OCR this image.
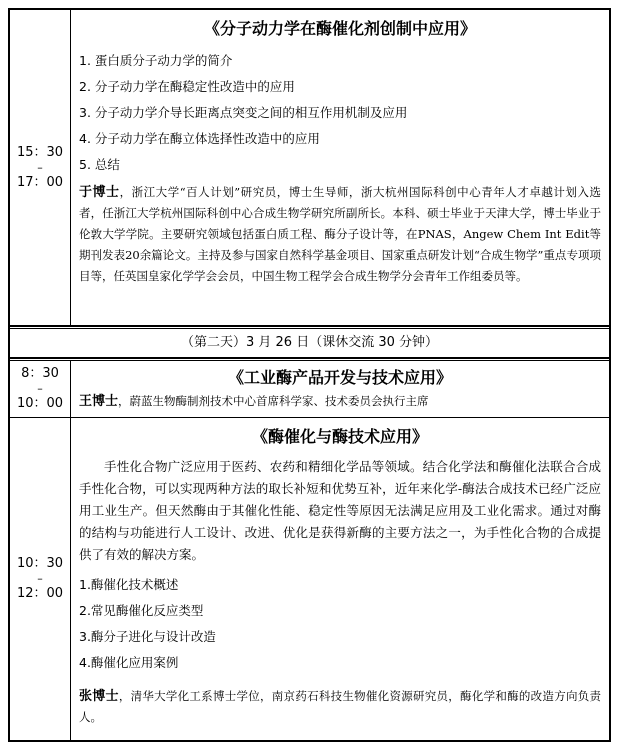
15：30
–
17：00
《分子动力学在酶催化剂创制中应用》
1. 蛋白质分子动力学的简介
2. 分子动力学在酶稳定性改造中的应用
3. 分子动力学介导长距离点突变之间的相互作用机制及应用
4. 分子动力学在酶立体选择性改造中的应用
5. 总结
于博士，浙江大学“百人计划”研究员，博士生导师，浙大杭州国际科创中心青年人才卓越计划入选者，任浙江大学杭州国际科创中心合成生物学研究所副所长。本科、硕士毕业于天津大学，博士毕业于伦敦大学学院。主要研究领域包括蛋白质工程、酶分子设计等，在PNAS，Angew Chem Int Edit等期刊发表20余篇论文。主持及参与国家自然科学基金项目、国家重点研发计划“合成生物学”重点专项项目等，任英国皇家化学学会会员，中国生物工程学会合成生物学分会青年工作组委员等。
（第二天）3 月 26 日（课休交流 30 分钟）
8：30
–
10：00
《工业酶产品开发与技术应用》
王博士，蔚蓝生物酶制剂技术中心首席科学家、技术委员会执行主席
10：30
–
12：00
《酶催化与酶技术应用》
手性化合物广泛应用于医药、农药和精细化学品等领域。结合化学法和酶催化法联合合成手性化合物，可以实现两种方法的取长补短和优势互补，近年来化学-酶法合成技术已经广泛应用工业生产。但天然酶由于其催化性能、稳定性等原因无法满足应用及工业化需求。通过对酶的结构与功能进行人工设计、改进、优化是获得新酶的主要方法之一，为手性化合物的合成提供了有效的解决方案。
1.酶催化技术概述
2.常见酶催化反应类型
3.酶分子进化与设计改造
4.酶催化应用案例
张博士，清华大学化工系博士学位，南京药石科技生物催化资源研究员，酶化学和酶的改造方向负责人。
